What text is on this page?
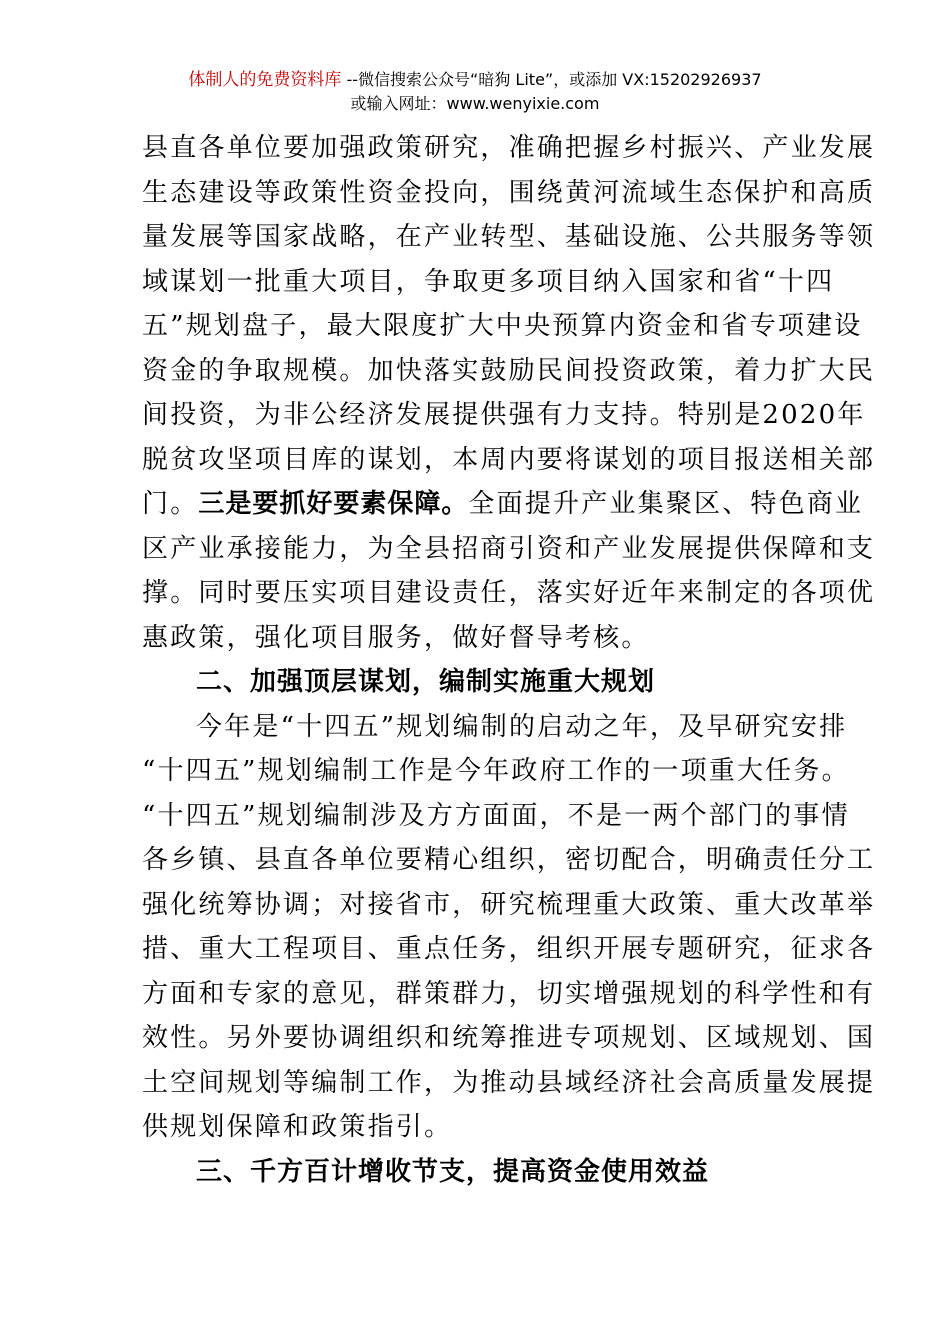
体制人的免费资料库 --微信搜索公众号“暗狗 Lite”，或添加 VX:15202926937
或输入网址：www.wenyixie.com
县直各单位要加强政策研究，准确把握乡村振兴、产业发展
生态建设等政策性资金投向，围绕黄河流域生态保护和高质
量发展等国家战略，在产业转型、基础设施、公共服务等领
域谋划一批重大项目，争取更多项目纳入国家和省“十四
五”规划盘子，最大限度扩大中央预算内资金和省专项建设
资金的争取规模。加快落实鼓励民间投资政策，着力扩大民
间投资，为非公经济发展提供强有力支持。特别是2020年
脱贫攻坚项目库的谋划，本周内要将谋划的项目报送相关部
门。三是要抓好要素保障。全面提升产业集聚区、特色商业
区产业承接能力，为全县招商引资和产业发展提供保障和支
撑。同时要压实项目建设责任，落实好近年来制定的各项优
惠政策，强化项目服务，做好督导考核。
二、加强顶层谋划，编制实施重大规划
今年是“十四五”规划编制的启动之年，及早研究安排
“十四五”规划编制工作是今年政府工作的一项重大任务。
“十四五”规划编制涉及方方面面，不是一两个部门的事情
各乡镇、县直各单位要精心组织，密切配合，明确责任分工
强化统筹协调；对接省市，研究梳理重大政策、重大改革举
措、重大工程项目、重点任务，组织开展专题研究，征求各
方面和专家的意见，群策群力，切实增强规划的科学性和有
效性。另外要协调组织和统筹推进专项规划、区域规划、国
土空间规划等编制工作，为推动县域经济社会高质量发展提
供规划保障和政策指引。
三、千方百计增收节支，提高资金使用效益
